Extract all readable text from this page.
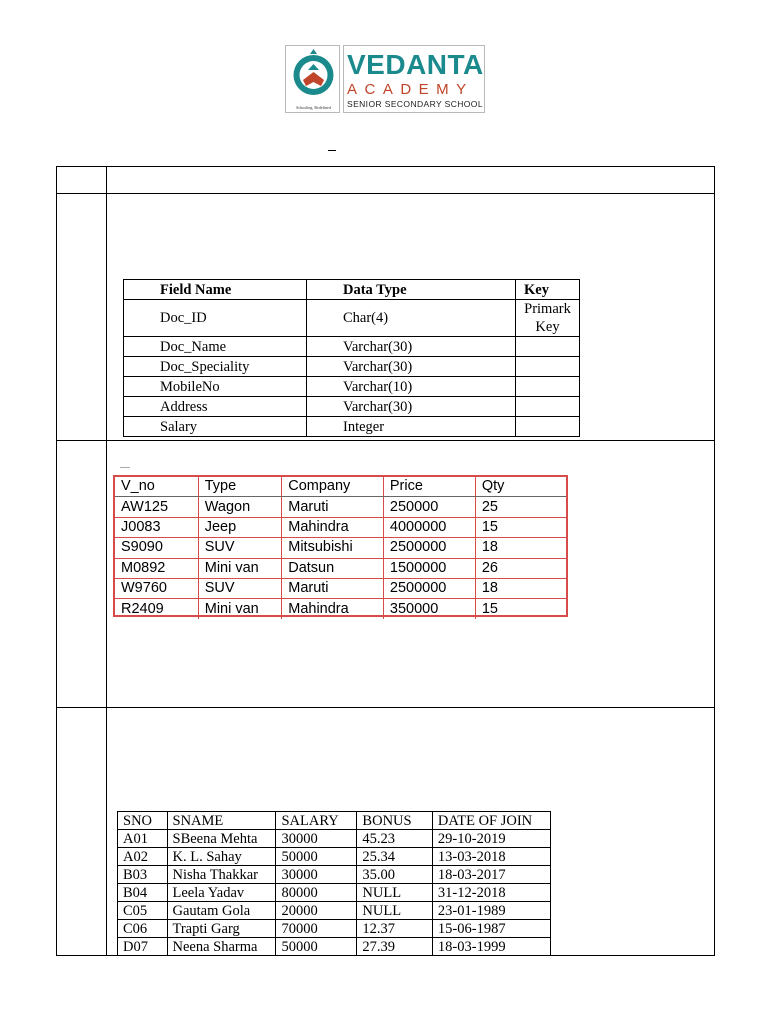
Schooling, Redefined
VEDANTA
ACADEMY
SENIOR SECONDARY SCHOOL
Field Name	Data Type	Key
Doc_ID	Char(4)	Primark Key
Doc_Name	Varchar(30)	
Doc_Speciality	Varchar(30)	
MobileNo	Varchar(10)	
Address	Varchar(30)	
Salary	Integer	
V_no	Type	Company	Price	Qty
AW125	Wagon	Maruti	250000	25
J0083	Jeep	Mahindra	4000000	15
S9090	SUV	Mitsubishi	2500000	18
M0892	Mini van	Datsun	1500000	26
W9760	SUV	Maruti	2500000	18
R2409	Mini van	Mahindra	350000	15
SNO	SNAME	SALARY	BONUS	DATE OF JOIN
A01	SBeena Mehta	30000	45.23	29-10-2019
A02	K. L. Sahay	50000	25.34	13-03-2018
B03	Nisha Thakkar	30000	35.00	18-03-2017
B04	Leela Yadav	80000	NULL	31-12-2018
C05	Gautam Gola	20000	NULL	23-01-1989
C06	Trapti Garg	70000	12.37	15-06-1987
D07	Neena Sharma	50000	27.39	18-03-1999
